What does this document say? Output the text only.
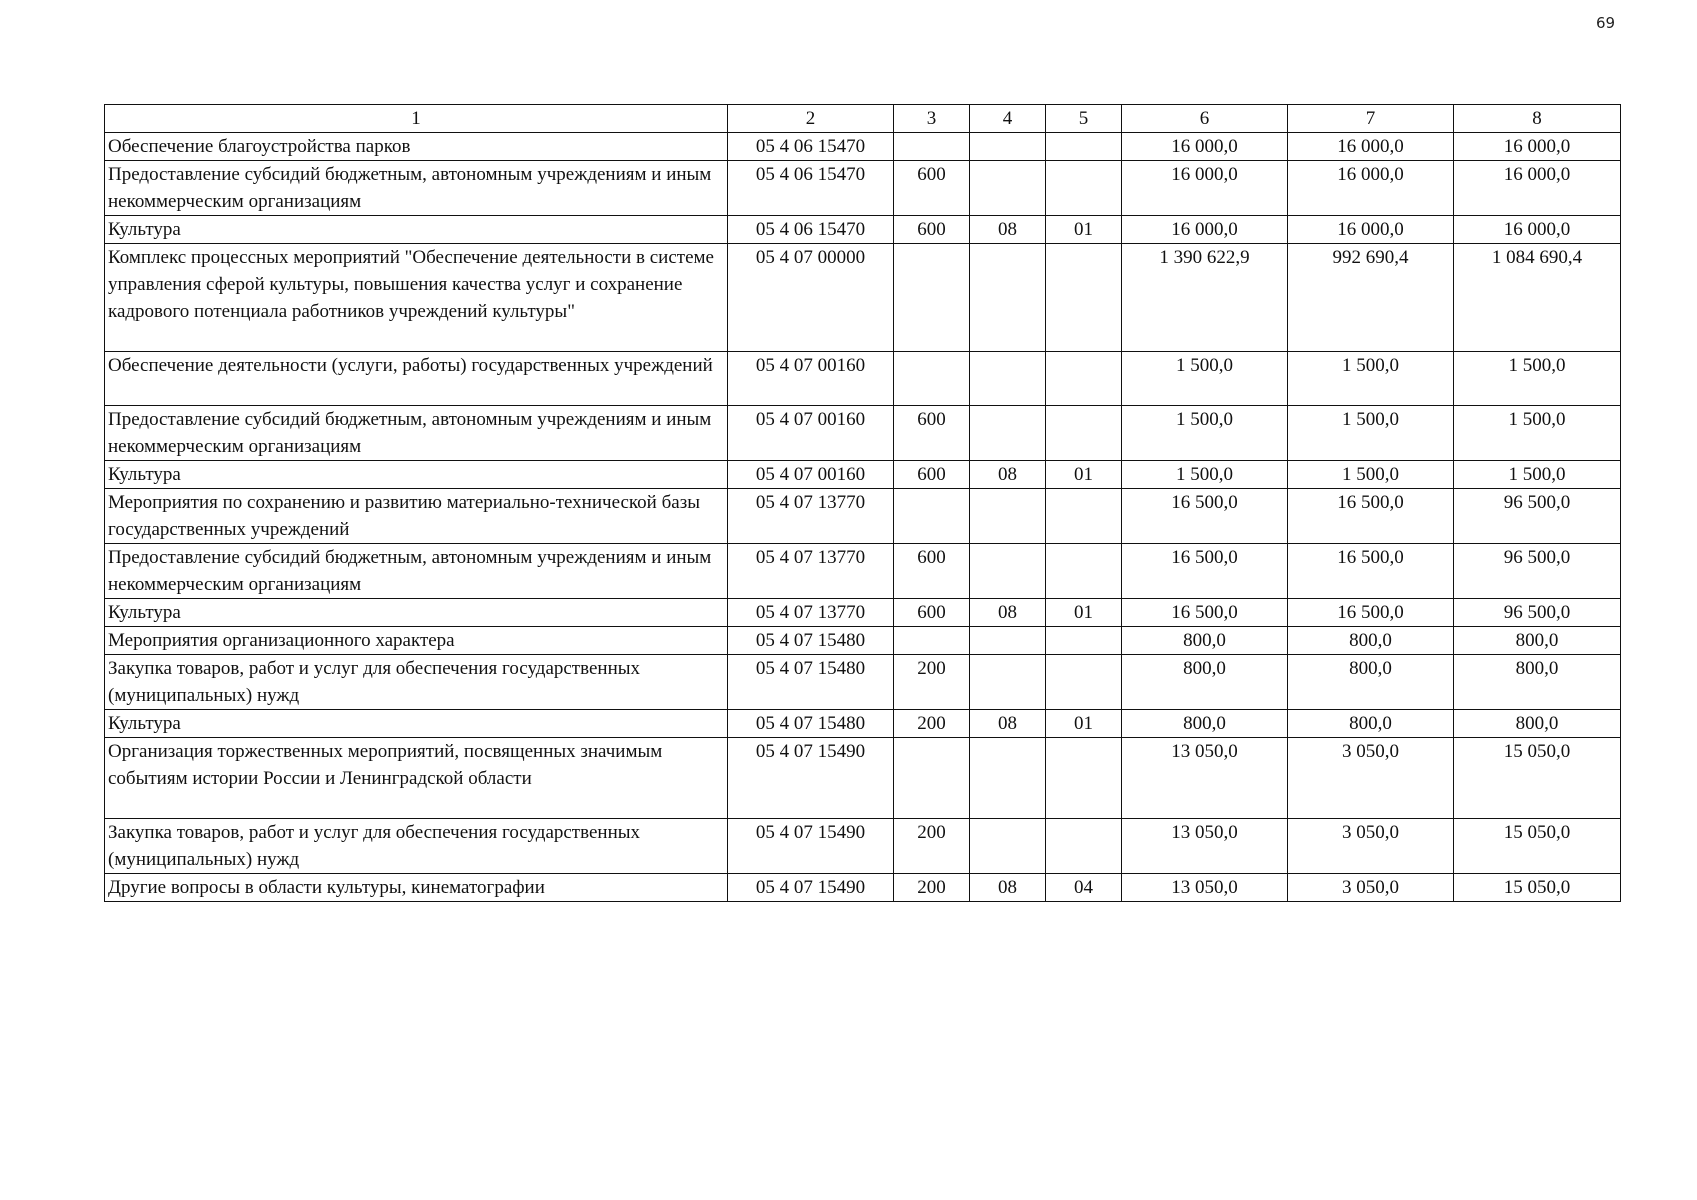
69
1	2	3	4	5	6	7	8
Обеспечение благоустройства парков	05 4 06 15470				16 000,0	16 000,0	16 000,0
Предоставление субсидий бюджетным, автономным учреждениям и иным некоммерческим организациям	05 4 06 15470	600			16 000,0	16 000,0	16 000,0
Культура	05 4 06 15470	600	08	01	16 000,0	16 000,0	16 000,0
Комплекс процессных мероприятий "Обеспечение деятельности в системе управления сферой культуры, повышения качества услуг и сохранение кадрового потенциала работников учреждений культуры"	05 4 07 00000				1 390 622,9	992 690,4	1 084 690,4
Обеспечение деятельности (услуги, работы) государственных учреждений	05 4 07 00160				1 500,0	1 500,0	1 500,0
Предоставление субсидий бюджетным, автономным учреждениям и иным некоммерческим организациям	05 4 07 00160	600			1 500,0	1 500,0	1 500,0
Культура	05 4 07 00160	600	08	01	1 500,0	1 500,0	1 500,0
Мероприятия по сохранению и развитию материально-технической базы государственных учреждений	05 4 07 13770				16 500,0	16 500,0	96 500,0
Предоставление субсидий бюджетным, автономным учреждениям и иным некоммерческим организациям	05 4 07 13770	600			16 500,0	16 500,0	96 500,0
Культура	05 4 07 13770	600	08	01	16 500,0	16 500,0	96 500,0
Мероприятия организационного характера	05 4 07 15480				800,0	800,0	800,0
Закупка товаров, работ и услуг для обеспечения государственных (муниципальных) нужд	05 4 07 15480	200			800,0	800,0	800,0
Культура	05 4 07 15480	200	08	01	800,0	800,0	800,0
Организация торжественных мероприятий, посвященных значимым событиям истории России и Ленинградской области	05 4 07 15490				13 050,0	3 050,0	15 050,0
Закупка товаров, работ и услуг для обеспечения государственных (муниципальных) нужд	05 4 07 15490	200			13 050,0	3 050,0	15 050,0
Другие вопросы в области культуры, кинематографии	05 4 07 15490	200	08	04	13 050,0	3 050,0	15 050,0
